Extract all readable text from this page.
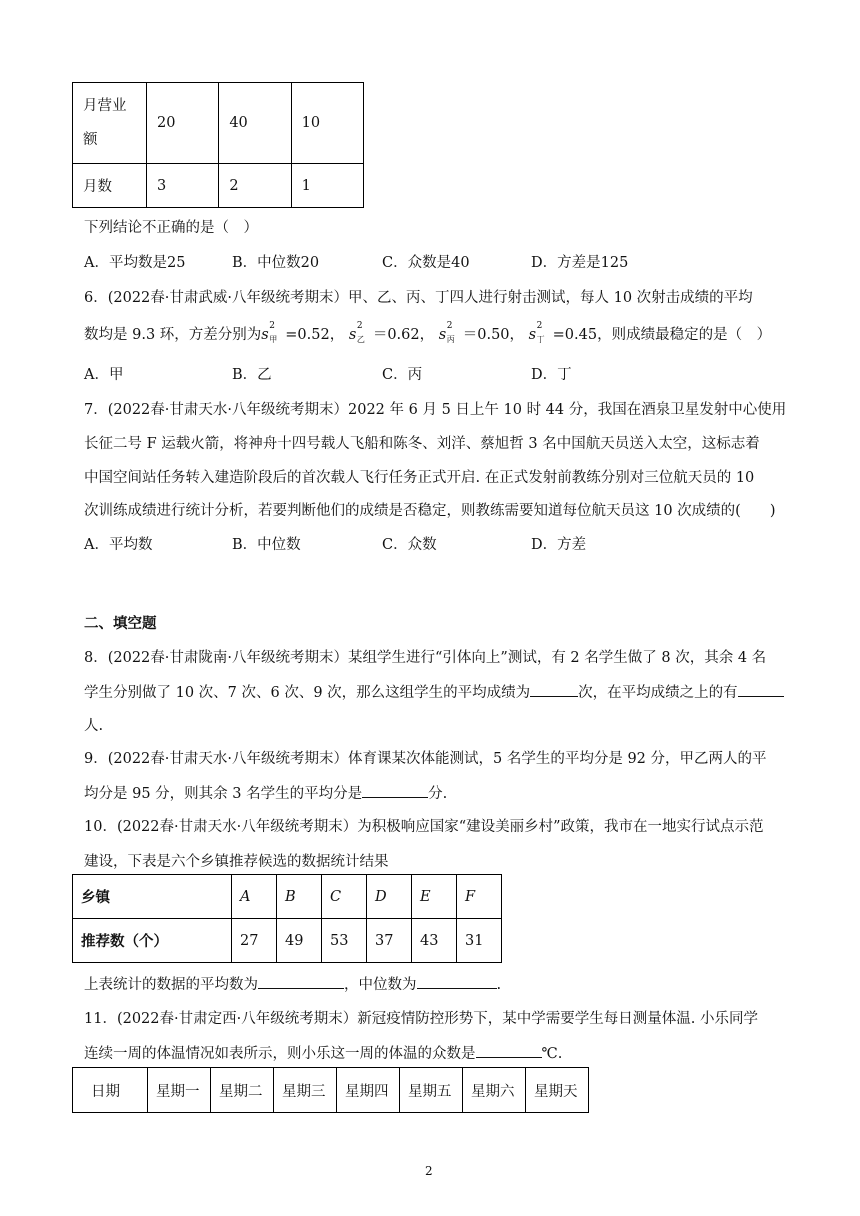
月营业
额	20	40	10
月数	3	2	1
下列结论不正确的是（　）
A．平均数是25	B．中位数20	C．众数是40	D．方差是125
6．(2022春·甘肃武威·八年级统考期末）甲、乙、丙、丁四人进行射击测试，每人 10 次射击成绩的平均
数均是 9.3 环，方差分别为 s
2
甲 =0.52， s
2
乙 ＝0.62， s
2
丙 ＝0.50， s
2
丁 =0.45，则成绩最稳定的是（　）
A．甲	B．乙	C．丙	D．丁
7．(2022春·甘肃天水·八年级统考期末）2022 年 6 月 5 日上午 10 时 44 分，我国在酒泉卫星发射中心使用
长征二号 F 运载火箭，将神舟十四号载人飞船和陈冬、刘洋、蔡旭哲 3 名中国航天员送入太空，这标志着
中国空间站任务转入建造阶段后的首次载人飞行任务正式开启. 在正式发射前教练分别对三位航天员的 10
次训练成绩进行统计分析，若要判断他们的成绩是否稳定，则教练需要知道每位航天员这 10 次成绩的(　　)
A．平均数	B．中位数	C．众数	D．方差
二、填空题
8．(2022春·甘肃陇南·八年级统考期末）某组学生进行“引体向上”测试，有 2 名学生做了 8 次，其余 4 名
学生分别做了 10 次、7 次、6 次、9 次，那么这组学生的平均成绩为	次，在平均成绩之上的有
人.
9．(2022春·甘肃天水·八年级统考期末）体育课某次体能测试，5 名学生的平均分是 92 分，甲乙两人的平
均分是 95 分，则其余 3 名学生的平均分是	分.
10．(2022春·甘肃天水·八年级统考期末）为积极响应国家“建设美丽乡村”政策，我市在一地实行试点示范
建设，下表是六个乡镇推荐候选的数据统计结果
乡镇	A	B	C	D	E	F
推荐数（个）	27	49	53	37	43	31
上表统计的数据的平均数为	，中位数为	.
11．(2022春·甘肃定西·八年级统考期末）新冠疫情防控形势下，某中学需要学生每日测量体温. 小乐同学
连续一周的体温情况如表所示，则小乐这一周的体温的众数是	℃.
日期	星期一	星期二	星期三	星期四	星期五	星期六	星期天
2
